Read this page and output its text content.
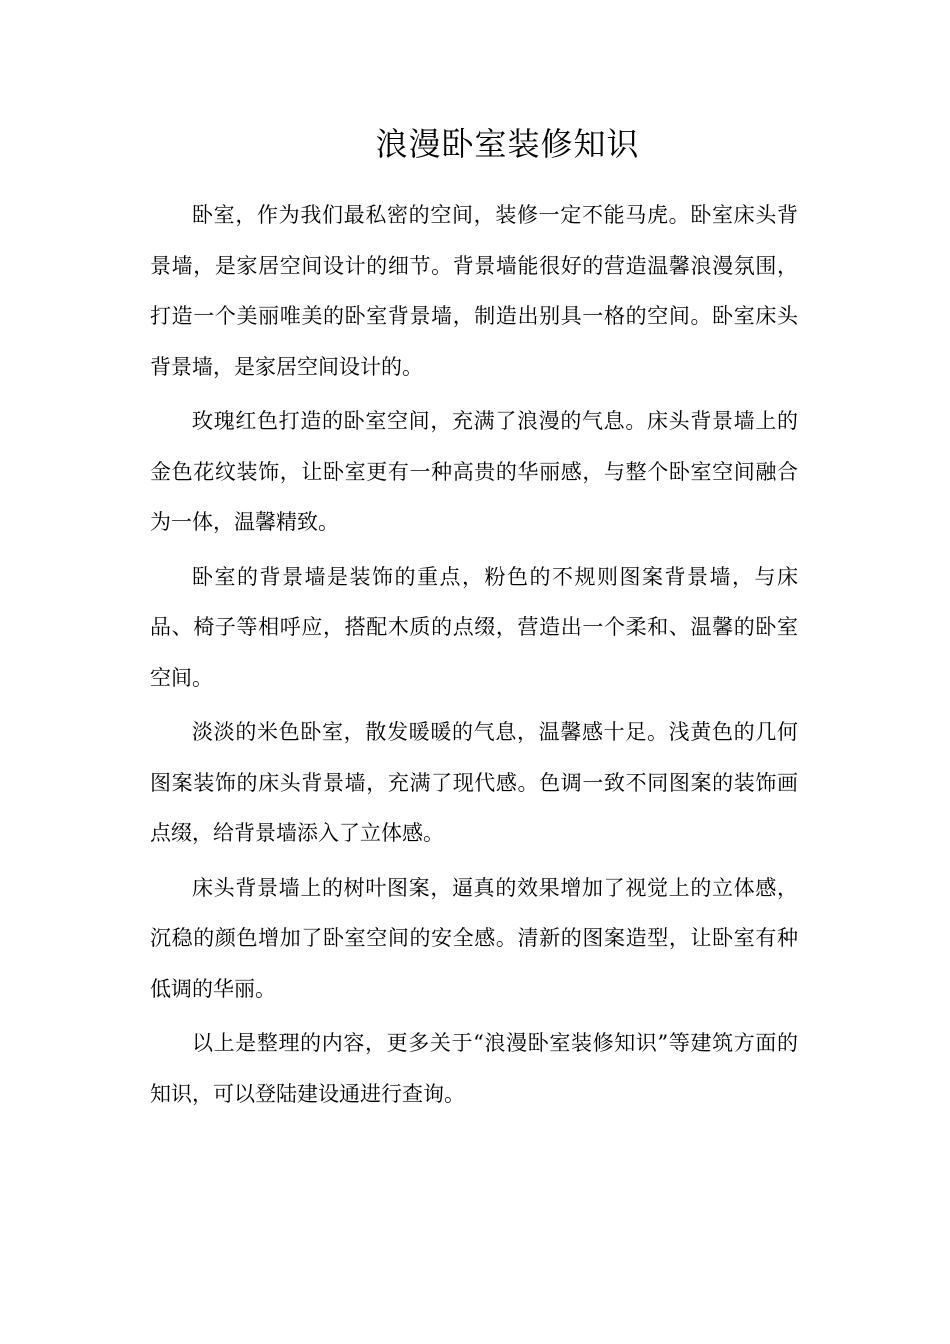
浪漫卧室装修知识

卧室，作为我们最私密的空间，装修一定不能马虎。卧室床头背景墙，是家居空间设计的细节。背景墙能很好的营造温馨浪漫氛围，打造一个美丽唯美的卧室背景墙，制造出别具一格的空间。卧室床头背景墙，是家居空间设计的。

玫瑰红色打造的卧室空间，充满了浪漫的气息。床头背景墙上的金色花纹装饰，让卧室更有一种高贵的华丽感，与整个卧室空间融合为一体，温馨精致。

卧室的背景墙是装饰的重点，粉色的不规则图案背景墙，与床品、椅子等相呼应，搭配木质的点缀，营造出一个柔和、温馨的卧室空间。

淡淡的米色卧室，散发暖暖的气息，温馨感十足。浅黄色的几何图案装饰的床头背景墙，充满了现代感。色调一致不同图案的装饰画点缀，给背景墙添入了立体感。

床头背景墙上的树叶图案，逼真的效果增加了视觉上的立体感，沉稳的颜色增加了卧室空间的安全感。清新的图案造型，让卧室有种低调的华丽。

以上是整理的内容，更多关于“浪漫卧室装修知识”等建筑方面的知识，可以登陆建设通进行查询。
